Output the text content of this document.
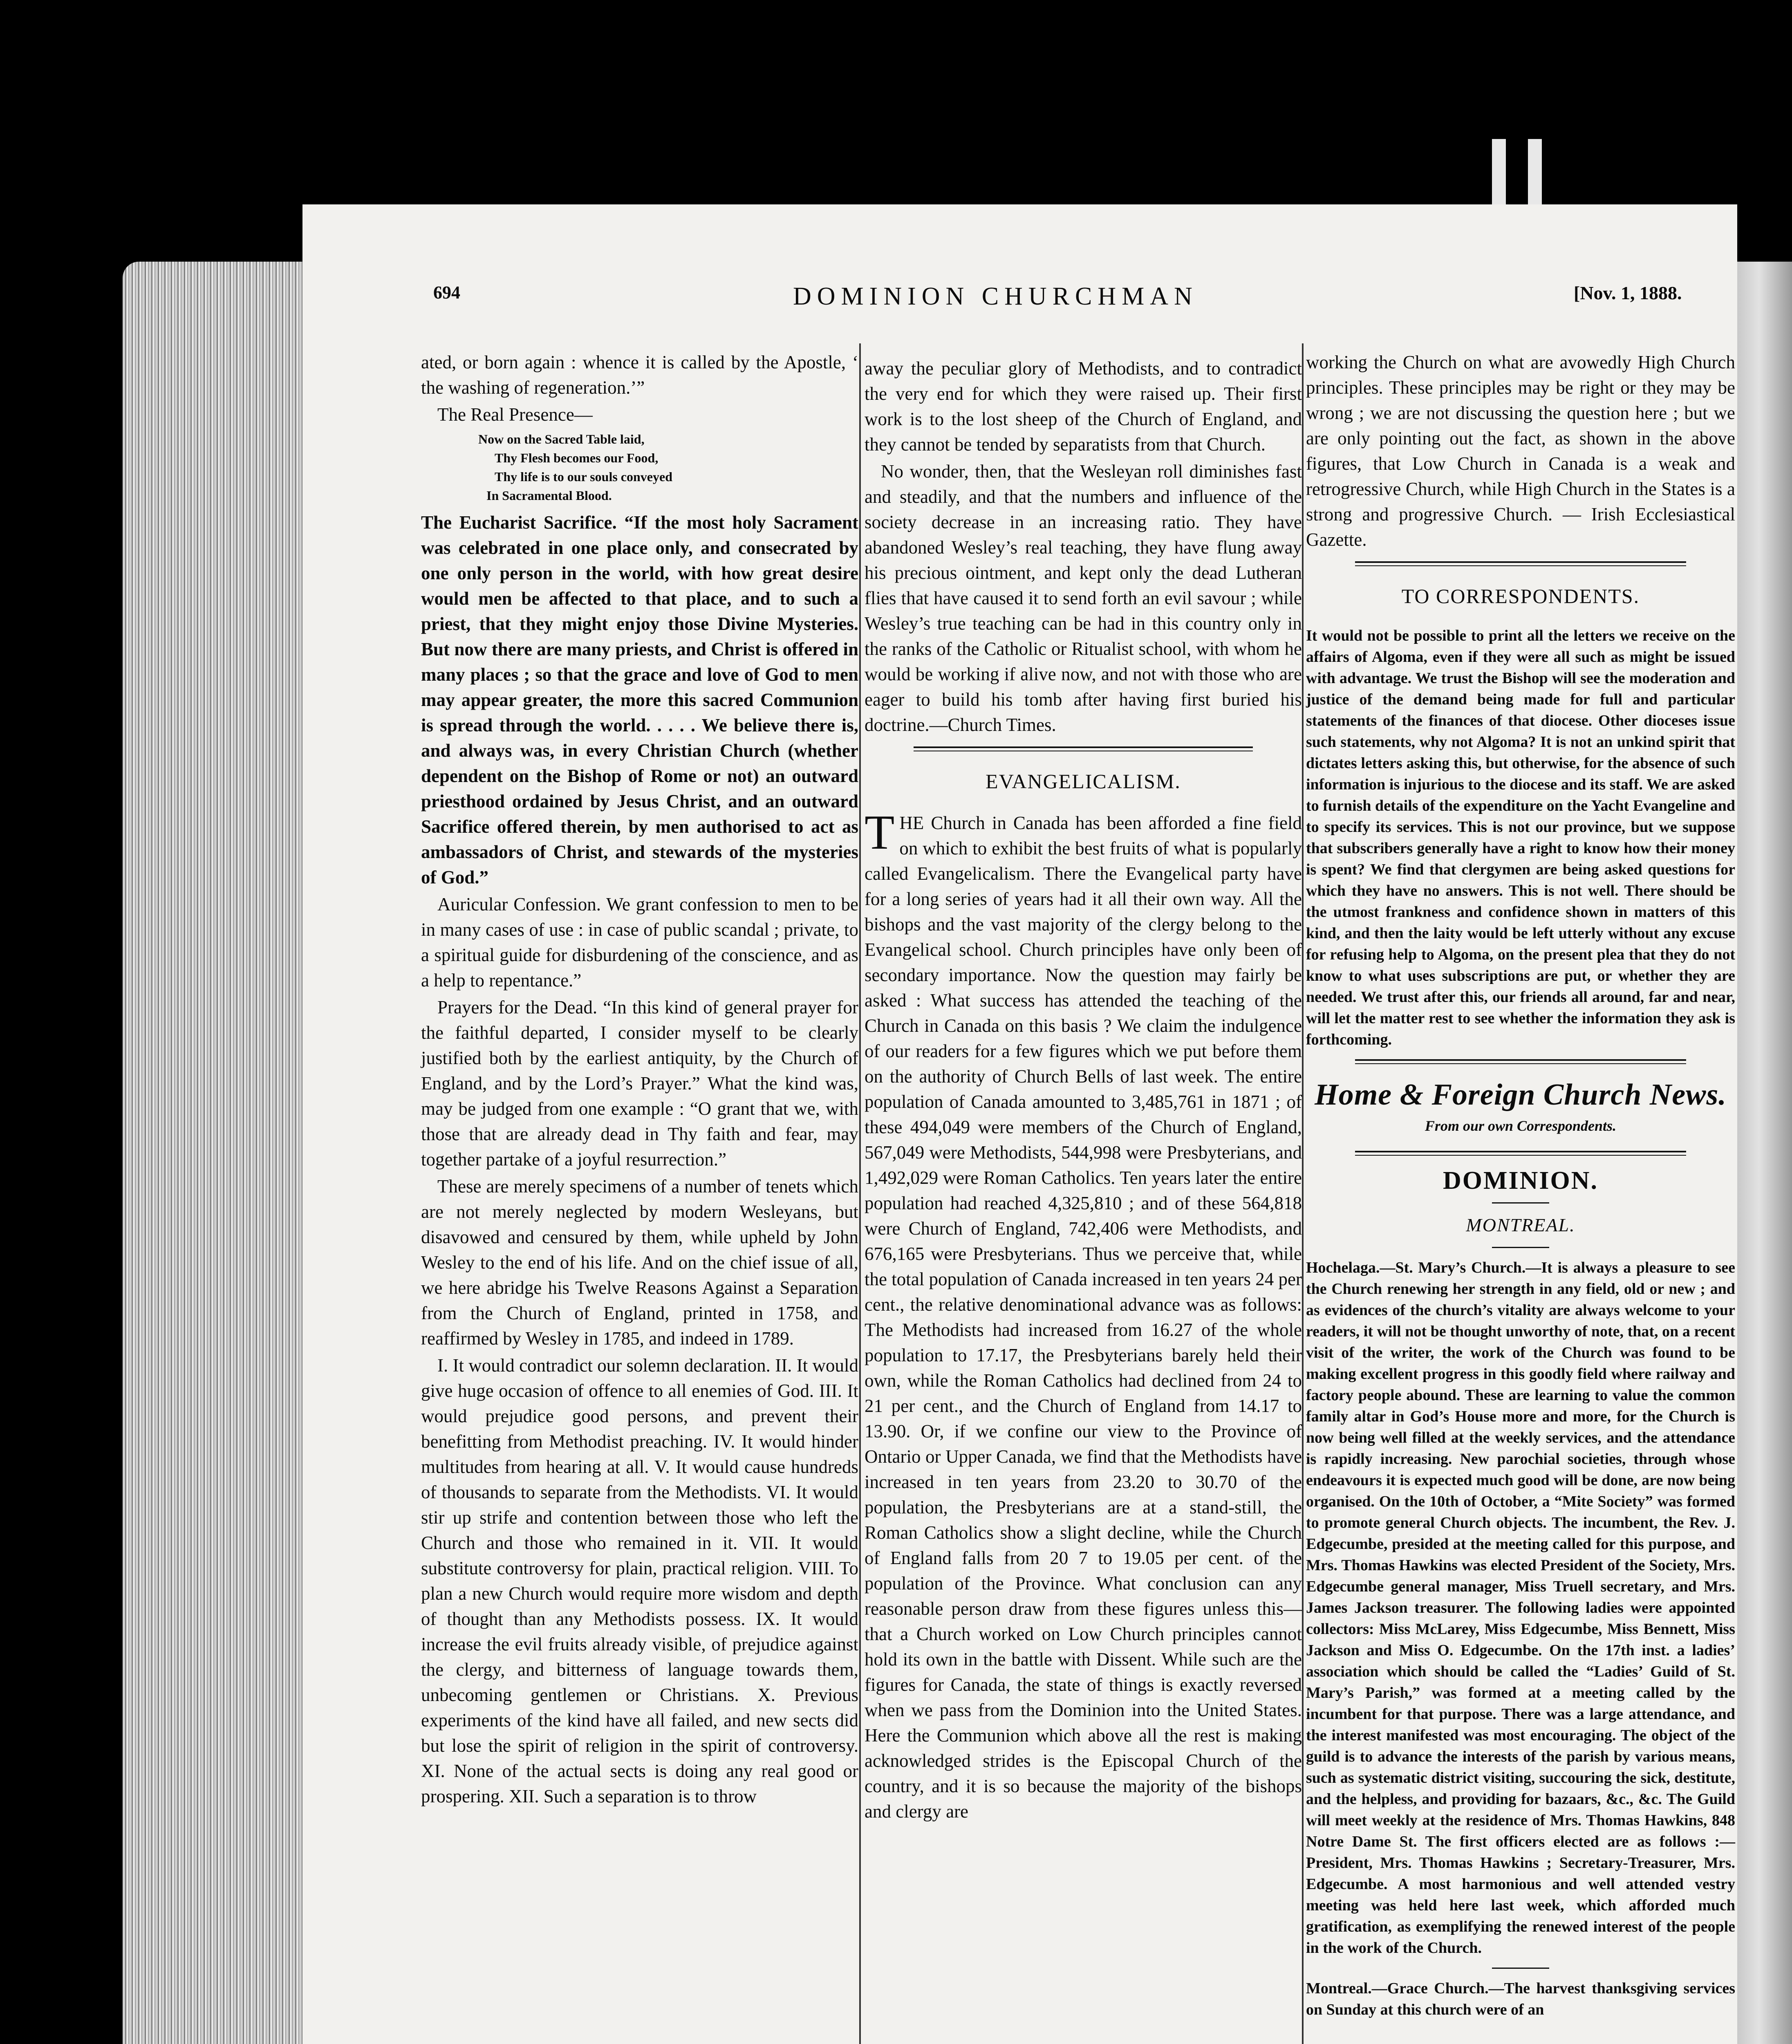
694	DOMINION CHURCHMAN	[Nov. 1, 1888.

ated, or born again : whence it is called by the Apostle, ‘ the washing of regeneration.’”

The Real Presence—

Now on the Sacred Table laid,
Thy Flesh becomes our Food,
Thy life is to our souls conveyed
In Sacramental Blood.

The Eucharist Sacrifice. “If the most holy Sacrament was celebrated in one place only, and consecrated by one only person in the world, with how great desire would men be affected to that place, and to such a priest, that they might enjoy those Divine Mysteries. But now there are many priests, and Christ is offered in many places ; so that the grace and love of God to men may appear greater, the more this sacred Communion is spread through the world. . . . . We believe there is, and always was, in every Christian Church (whether dependent on the Bishop of Rome or not) an outward priesthood ordained by Jesus Christ, and an outward Sacrifice offered therein, by men authorised to act as ambassadors of Christ, and stewards of the mysteries of God.”

Auricular Confession. We grant confession to men to be in many cases of use : in case of public scandal ; private, to a spiritual guide for disburdening of the conscience, and as a help to repentance.”

Prayers for the Dead. “In this kind of general prayer for the faithful departed, I consider myself to be clearly justified both by the earliest antiquity, by the Church of England, and by the Lord’s Prayer.” What the kind was, may be judged from one example : “O grant that we, with those that are already dead in Thy faith and fear, may together partake of a joyful resurrection.”

These are merely specimens of a number of tenets which are not merely neglected by modern Wesleyans, but disavowed and censured by them, while upheld by John Wesley to the end of his life. And on the chief issue of all, we here abridge his Twelve Reasons Against a Separation from the Church of England, printed in 1758, and reaffirmed by Wesley in 1785, and indeed in 1789.

I. It would contradict our solemn declaration. II. It would give huge occasion of offence to all enemies of God. III. It would prejudice good persons, and prevent their benefitting from Methodist preaching. IV. It would hinder multitudes from hearing at all. V. It would cause hundreds of thousands to separate from the Methodists. VI. It would stir up strife and contention between those who left the Church and those who remained in it. VII. It would substitute controversy for plain, practical religion. VIII. To plan a new Church would require more wisdom and depth of thought than any Methodists possess. IX. It would increase the evil fruits already visible, of prejudice against the clergy, and bitterness of language towards them, unbecoming gentlemen or Christians. X. Previous experiments of the kind have all failed, and new sects did but lose the spirit of religion in the spirit of controversy. XI. None of the actual sects is doing any real good or prospering. XII. Such a separation is to throw

away the peculiar glory of Methodists, and to contradict the very end for which they were raised up. Their first work is to the lost sheep of the Church of England, and they cannot be tended by separatists from that Church.

No wonder, then, that the Wesleyan roll diminishes fast and steadily, and that the numbers and influence of the society decrease in an increasing ratio. They have abandoned Wesley’s real teaching, they have flung away his precious ointment, and kept only the dead Lutheran flies that have caused it to send forth an evil savour ; while Wesley’s true teaching can be had in this country only in the ranks of the Catholic or Ritualist school, with whom he would be working if alive now, and not with those who are eager to build his tomb after having first buried his doctrine.—Church Times.

EVANGELICALISM.

THE Church in Canada has been afforded a fine field on which to exhibit the best fruits of what is popularly called Evangelicalism. There the Evangelical party have for a long series of years had it all their own way. All the bishops and the vast majority of the clergy belong to the Evangelical school. Church principles have only been of secondary importance. Now the question may fairly be asked : What success has attended the teaching of the Church in Canada on this basis ? We claim the indulgence of our readers for a few figures which we put before them on the authority of Church Bells of last week. The entire population of Canada amounted to 3,485,761 in 1871 ; of these 494,049 were members of the Church of England, 567,049 were Methodists, 544,998 were Presbyterians, and 1,492,029 were Roman Catholics. Ten years later the entire population had reached 4,325,810 ; and of these 564,818 were Church of England, 742,406 were Methodists, and 676,165 were Presbyterians. Thus we perceive that, while the total population of Canada increased in ten years 24 per cent., the relative denominational advance was as follows: The Methodists had increased from 16.27 of the whole population to 17.17, the Presbyterians barely held their own, while the Roman Catholics had declined from 24 to 21 per cent., and the Church of England from 14.17 to 13.90. Or, if we confine our view to the Province of Ontario or Upper Canada, we find that the Methodists have increased in ten years from 23.20 to 30.70 of the population, the Presbyterians are at a stand-still, the Roman Catholics show a slight decline, while the Church of England falls from 20 7 to 19.05 per cent. of the population of the Province. What conclusion can any reasonable person draw from these figures unless this—that a Church worked on Low Church principles cannot hold its own in the battle with Dissent. While such are the figures for Canada, the state of things is exactly reversed when we pass from the Dominion into the United States. Here the Communion which above all the rest is making acknowledged strides is the Episcopal Church of the country, and it is so because the majority of the bishops and clergy are

working the Church on what are avowedly High Church principles. These principles may be right or they may be wrong ; we are not discussing the question here ; but we are only pointing out the fact, as shown in the above figures, that Low Church in Canada is a weak and retrogressive Church, while High Church in the States is a strong and progressive Church. — Irish Ecclesiastical Gazette.

TO CORRESPONDENTS.
It would not be possible to print all the letters we receive on the affairs of Algoma, even if they were all such as might be issued with advantage. We trust the Bishop will see the moderation and justice of the demand being made for full and particular statements of the finances of that diocese. Other dioceses issue such statements, why not Algoma? It is not an unkind spirit that dictates letters asking this, but otherwise, for the absence of such information is injurious to the diocese and its staff. We are asked to furnish details of the expenditure on the Yacht Evangeline and to specify its services. This is not our province, but we suppose that subscribers generally have a right to know how their money is spent? We find that clergymen are being asked questions for which they have no answers. This is not well. There should be the utmost frankness and confidence shown in matters of this kind, and then the laity would be left utterly without any excuse for refusing help to Algoma, on the present plea that they do not know to what uses subscriptions are put, or whether they are needed. We trust after this, our friends all around, far and near, will let the matter rest to see whether the information they ask is forthcoming.
Home & Foreign Church News.
From our own Correspondents.
DOMINION.
MONTREAL.
Hochelaga.—St. Mary’s Church.—It is always a pleasure to see the Church renewing her strength in any field, old or new ; and as evidences of the church’s vitality are always welcome to your readers, it will not be thought unworthy of note, that, on a recent visit of the writer, the work of the Church was found to be making excellent progress in this goodly field where railway and factory people abound. These are learning to value the common family altar in God’s House more and more, for the Church is now being well filled at the weekly services, and the attendance is rapidly increasing. New parochial societies, through whose endeavours it is expected much good will be done, are now being organised. On the 10th of October, a “Mite Society” was formed to promote general Church objects. The incumbent, the Rev. J. Edgecumbe, presided at the meeting called for this purpose, and Mrs. Thomas Hawkins was elected President of the Society, Mrs. Edgecumbe general manager, Miss Truell secretary, and Mrs. James Jackson treasurer. The following ladies were appointed collectors: Miss McLarey, Miss Edgecumbe, Miss Bennett, Miss Jackson and Miss O. Edgecumbe. On the 17th inst. a ladies’ association which should be called the “Ladies’ Guild of St. Mary’s Parish,” was formed at a meeting called by the incumbent for that purpose. There was a large attendance, and the interest manifested was most encouraging. The object of the guild is to advance the interests of the parish by various means, such as systematic district visiting, succouring the sick, destitute, and the helpless, and providing for bazaars, &c., &c. The Guild will meet weekly at the residence of Mrs. Thomas Hawkins, 848 Notre Dame St. The first officers elected are as follows :—President, Mrs. Thomas Hawkins ; Secretary-Treasurer, Mrs. Edgecumbe. A most harmonious and well attended vestry meeting was held here last week, which afforded much gratification, as exemplifying the renewed interest of the people in the work of the Church.
Montreal.—Grace Church.—The harvest thanksgiving services on Sunday at this church were of an
